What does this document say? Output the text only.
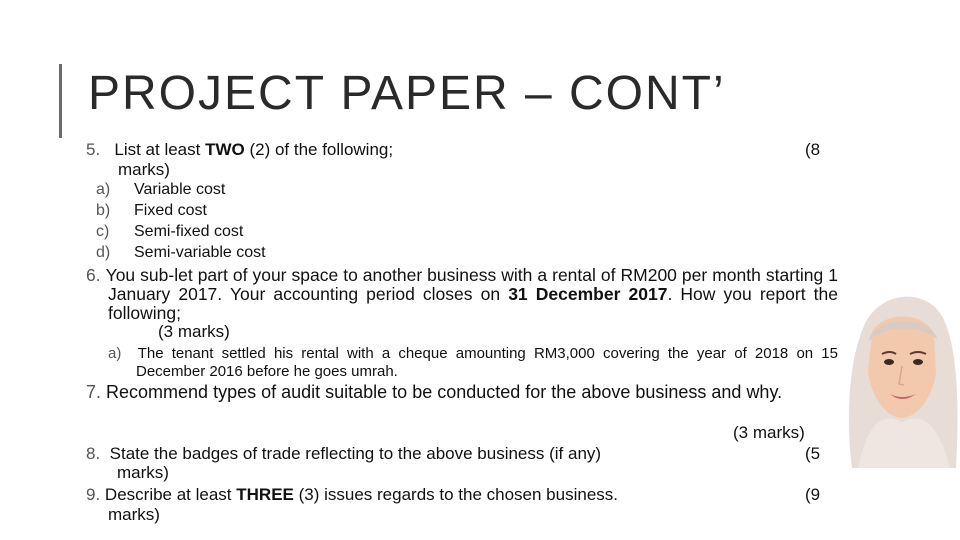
PROJECT PAPER – CONT’
5. List at least TWO (2) of the following;	(8
marks)
a) Variable cost
b) Fixed cost
c) Semi-fixed cost
d) Semi-variable cost
6. You sub-let part of your space to another business with a rental of RM200 per month starting 1 January 2017. Your accounting period closes on 31 December 2017. How you report the following;
(3 marks)
a) The tenant settled his rental with a cheque amounting RM3,000 covering the year of 2018 on 15 December 2016 before he goes umrah.
7. Recommend types of audit suitable to be conducted for the above business and why.
(3 marks)
8. State the badges of trade reflecting to the above business (if any)	(5
marks)
9. Describe at least THREE (3) issues regards to the chosen business.	(9
marks)
